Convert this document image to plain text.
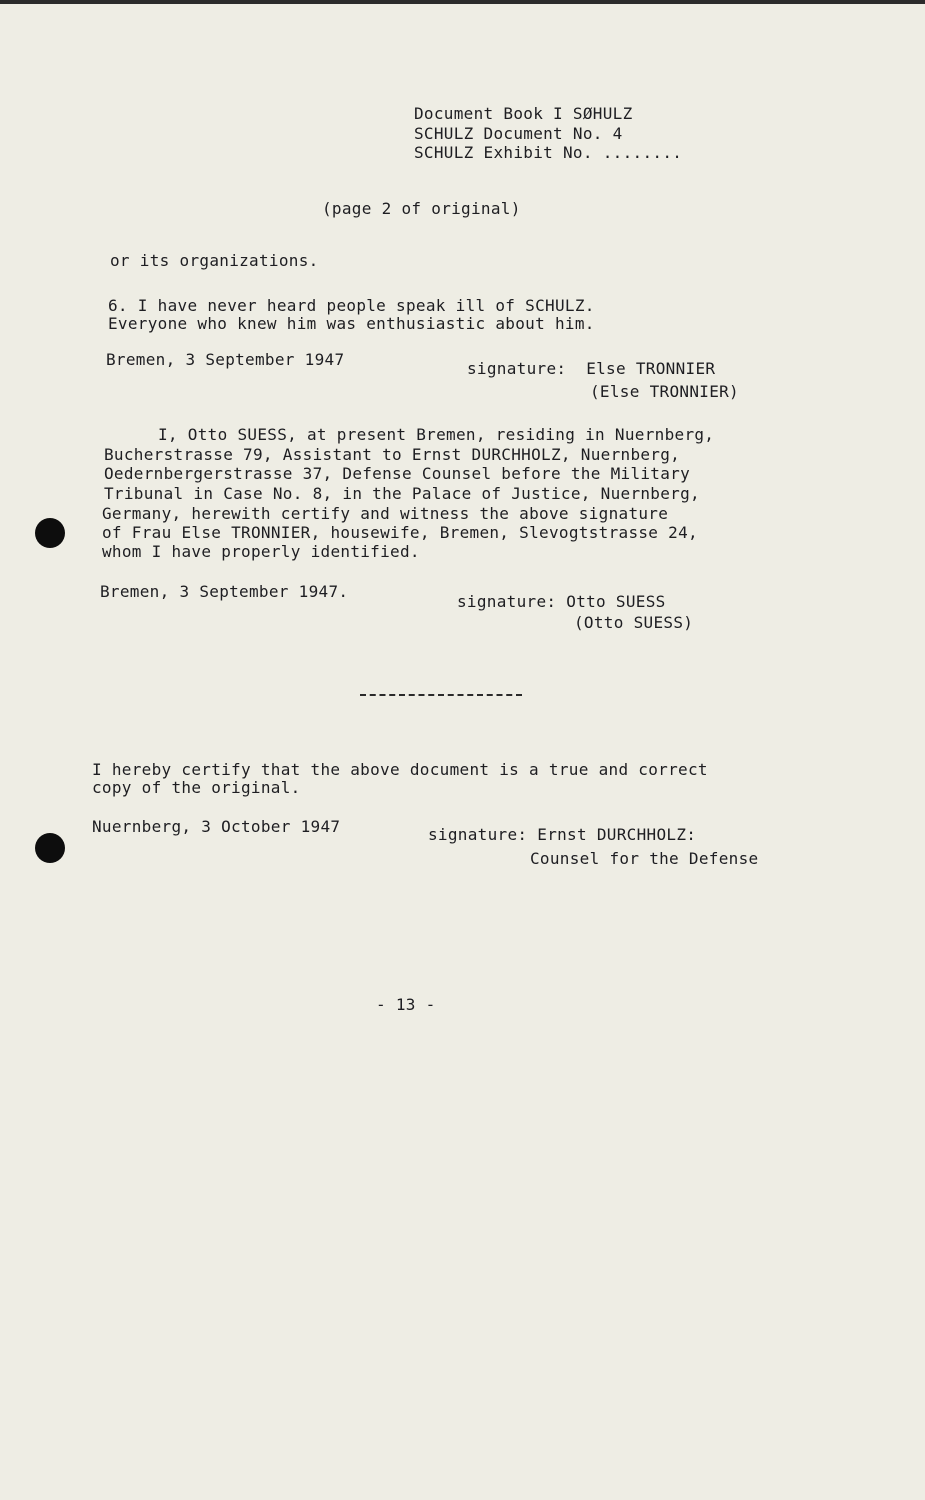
Document Book I SØHULZ
SCHULZ Document No. 4
SCHULZ Exhibit No. ........
(page 2 of original)
or its organizations.
6. I have never heard people speak ill of SCHULZ.
Everyone who knew him was enthusiastic about him.
Bremen, 3 September 1947	signature:  Else TRONNIER
(Else TRONNIER)
I, Otto SUESS, at present Bremen, residing in Nuernberg,
Bucherstrasse 79, Assistant to Ernst DURCHHOLZ, Nuernberg,
Oedernbergerstrasse 37, Defense Counsel before the Military
Tribunal in Case No. 8, in the Palace of Justice, Nuernberg,
Germany, herewith certify and witness the above signature
of Frau Else TRONNIER, housewife, Bremen, Slevogtstrasse 24,
whom I have properly identified.
Bremen, 3 September 1947.
signature: Otto SUESS
(Otto SUESS)
I hereby certify that the above document is a true and correct
copy of the original.
Nuernberg, 3 October 1947	signature: Ernst DURCHHOLZ:
Counsel for the Defense
- 13 -
